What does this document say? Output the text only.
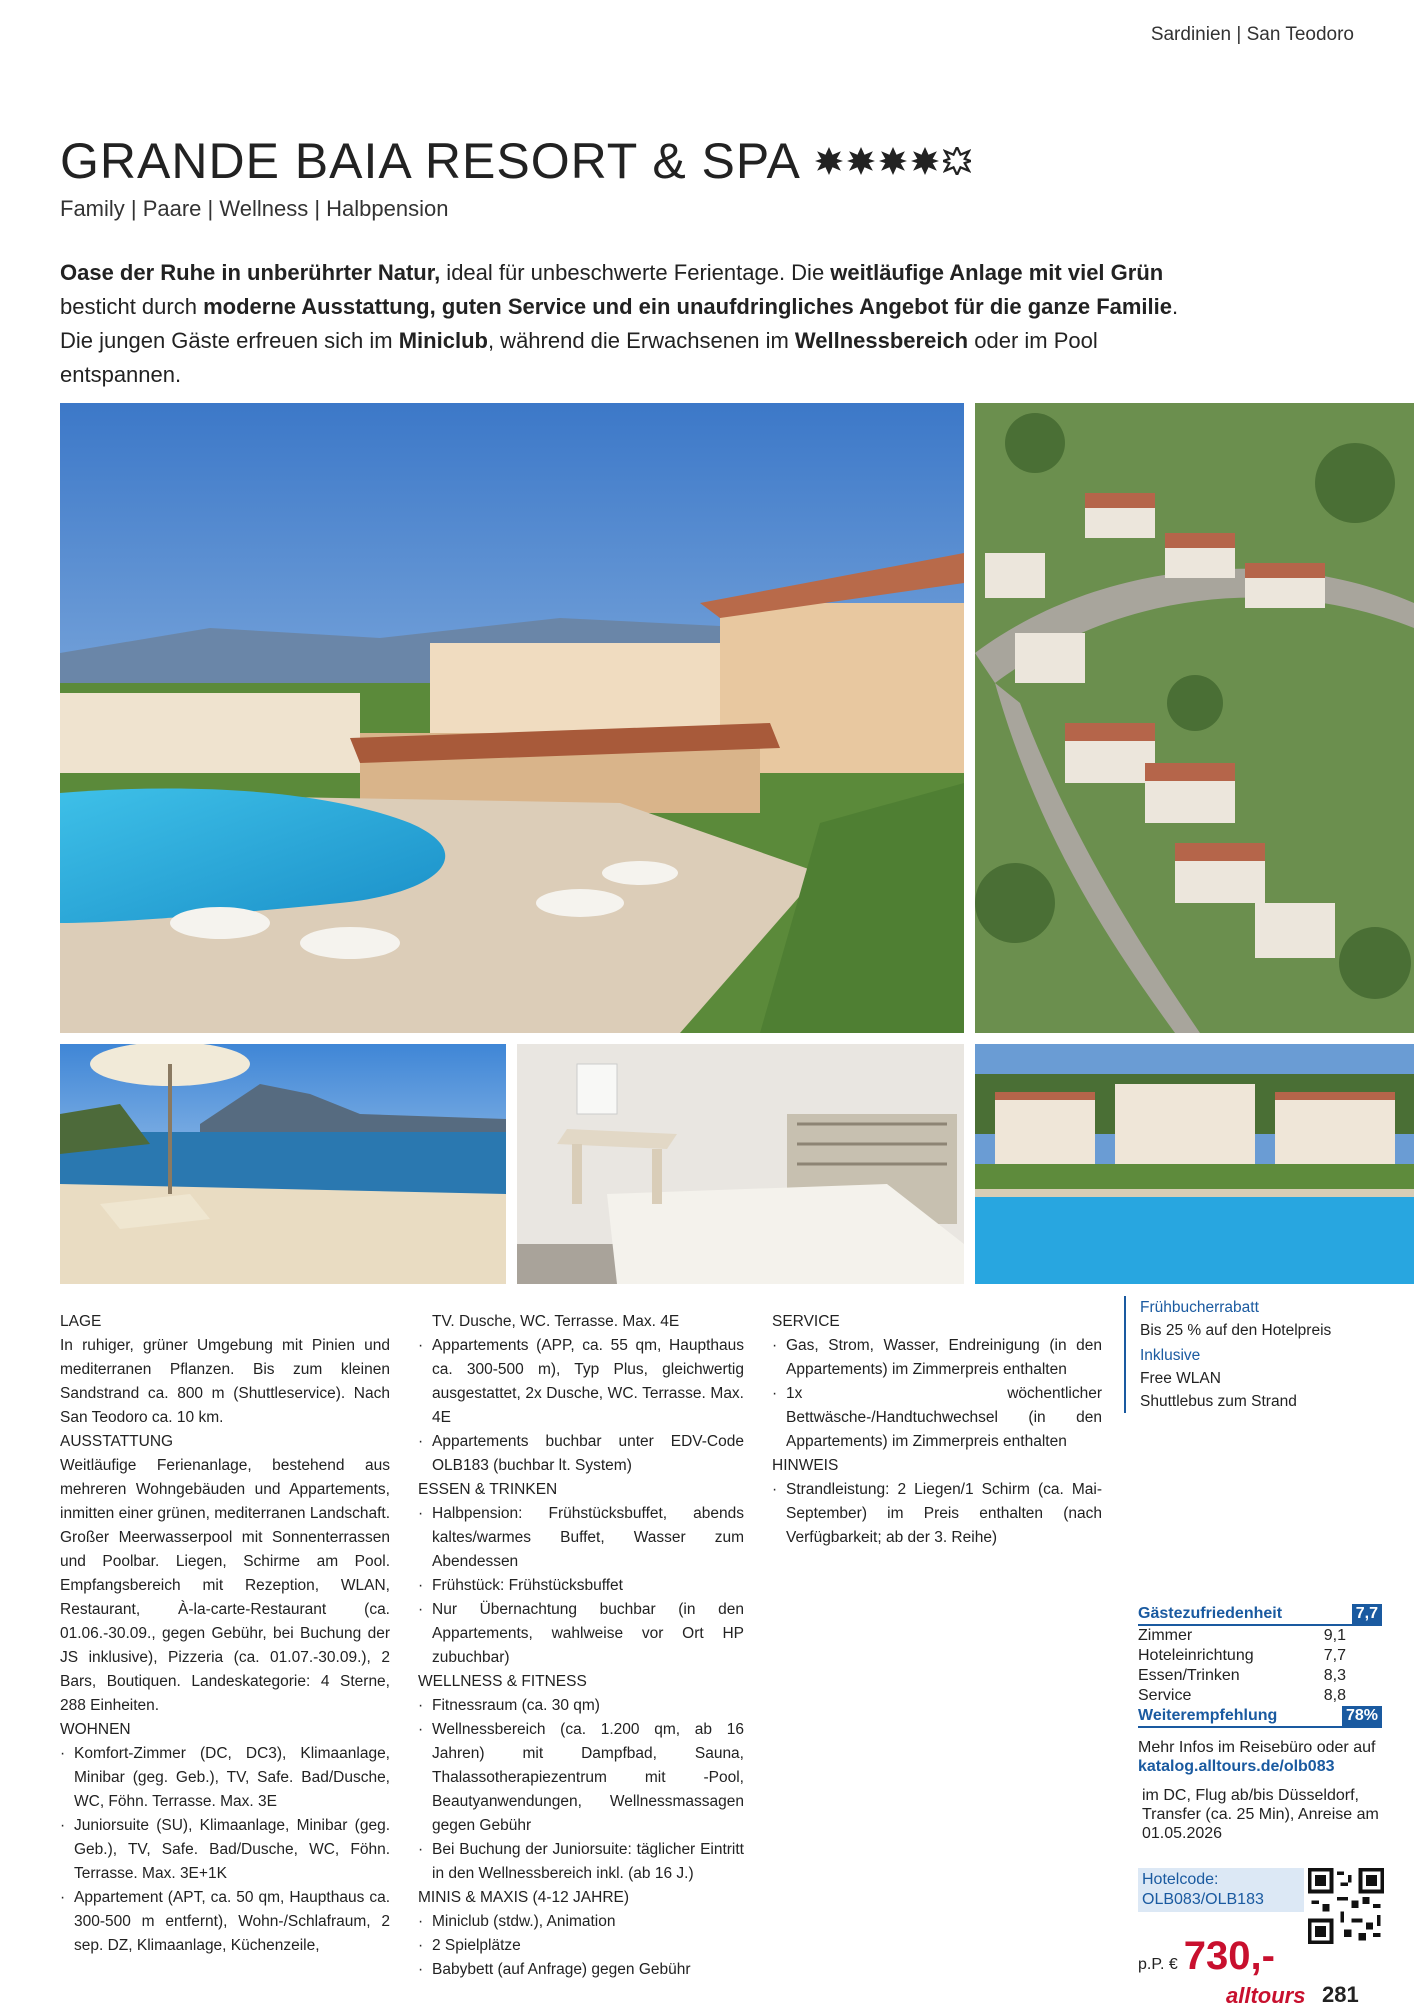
Sardinien | San Teodoro
GRANDE BAIA RESORT & SPA
Family | Paare | Wellness | Halbpension
Oase der Ruhe in unberührter Natur, ideal für unbeschwerte Ferientage. Die weitläufige Anlage mit viel Grün besticht durch moderne Ausstattung, guten Service und ein unaufdringliches Angebot für die ganze Familie. Die jungen Gäste erfreuen sich im Miniclub, während die Erwachsenen im Wellnessbereich oder im Pool entspannen.
LAGE

In ruhiger, grüner Umgebung mit Pinien und mediterranen Pflanzen. Bis zum kleinen Sandstrand ca. 800 m (Shuttleservice). Nach San Teodoro ca. 10 km.

AUSSTATTUNG

Weitläufige Ferienanlage, bestehend aus mehreren Wohngebäuden und Appartements, inmitten einer grünen, mediterranen Landschaft. Großer Meerwasserpool mit Sonnenterrassen und Poolbar. Liegen, Schirme am Pool. Empfangsbereich mit Rezeption, WLAN, Restaurant, À-la-carte-Restaurant (ca. 01.06.-30.09., gegen Gebühr, bei Buchung der JS inklusive), Pizzeria (ca. 01.07.-30.09.), 2 Bars, Boutiquen. Landeskategorie: 4 Sterne, 288 Einheiten.

WOHNEN
· Komfort-Zimmer (DC, DC3), Klimaanlage, Minibar (geg. Geb.), TV, Safe. Bad/Dusche, WC, Föhn. Terrasse. Max. 3E
· Juniorsuite (SU), Klimaanlage, Minibar (geg. Geb.), TV, Safe. Bad/Dusche, WC, Föhn. Terrasse. Max. 3E+1K
· Appartement (APT, ca. 50 qm, Haupthaus ca. 300-500 m entfernt), Wohn-/Schlafraum, 2 sep. DZ, Klimaanlage, Küchenzeile,

TV. Dusche, WC. Terrasse. Max. 4E

· Appartements (APP, ca. 55 qm, Haupthaus ca. 300-500 m), Typ Plus, gleichwertig ausgestattet, 2x Dusche, WC. Terrasse. Max. 4E
· Appartements buchbar unter EDV-Code OLB183 (buchbar lt. System)
ESSEN & TRINKEN
· Halbpension: Frühstücksbuffet, abends kaltes/warmes Buffet, Wasser zum Abendessen
· Frühstück: Frühstücksbuffet
· Nur Übernachtung buchbar (in den Appartements, wahlweise vor Ort HP zubuchbar)
WELLNESS & FITNESS
· Fitnessraum (ca. 30 qm)
· Wellnessbereich (ca. 1.200 qm, ab 16 Jahren) mit Dampfbad, Sauna, Thalassotherapiezentrum mit -Pool, Beautyanwendungen, Wellnessmassagen gegen Gebühr
· Bei Buchung der Juniorsuite: täglicher Eintritt in den Wellnessbereich inkl. (ab 16 J.)
MINIS & MAXIS (4-12 JAHRE)
· Miniclub (stdw.), Animation
· 2 Spielplätze
· Babybett (auf Anfrage) gegen Gebühr
SERVICE
· Gas, Strom, Wasser, Endreinigung (in den Appartements) im Zimmerpreis enthalten
· 1x wöchentlicher Bettwäsche-/Handtuchwechsel (in den Appartements) im Zimmerpreis enthalten
HINWEIS
· Strandleistung: 2 Liegen/1 Schirm (ca. Mai-September) im Preis enthalten (nach Verfügbarkeit; ab der 3. Reihe)
Frühbucherrabatt
Bis 25 % auf den Hotelpreis
Inklusive
Free WLAN
Shuttlebus zum Strand
Gästezufriedenheit	7,7
Zimmer	9,1
Hoteleinrichtung	7,7
Essen/Trinken	8,3
Service	8,8
Weiterempfehlung	78%
Mehr Infos im Reisebüro oder auf
katalog.alltours.de/olb083
im DC, Flug ab/bis Düsseldorf, Transfer (ca. 25 Min), Anreise am 01.05.2026
Hotelcode:
OLB083/OLB183
p.P. € 730,-
alltours 281
